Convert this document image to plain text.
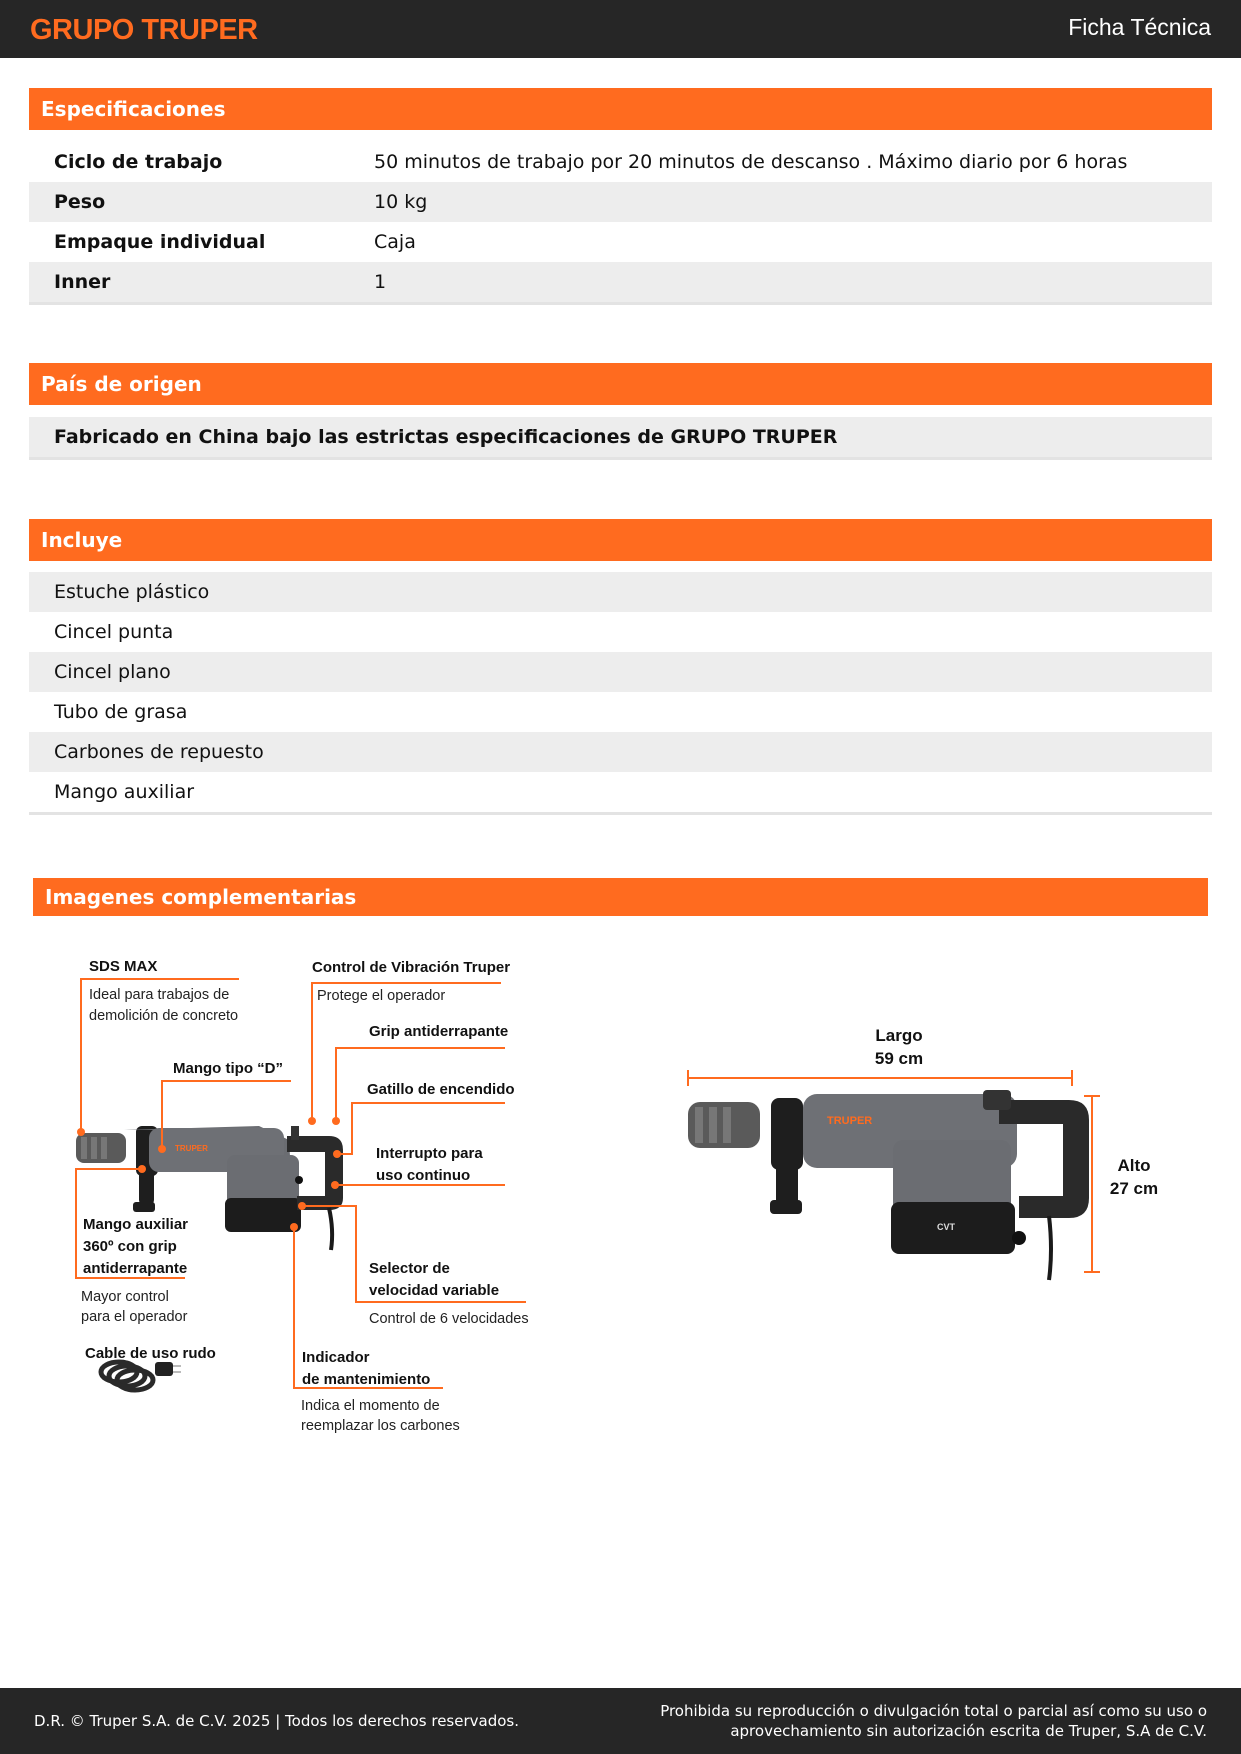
GRUPO TRUPER	Ficha Técnica
Especificaciones
Ciclo de trabajo	50 minutos de trabajo por 20 minutos de descanso . Máximo diario por 6 horas
Peso	10 kg
Empaque individual	Caja
Inner	1
País de origen
Fabricado en China bajo las estrictas especificaciones de GRUPO TRUPER
Incluye
Estuche plástico
Cincel punta
Cincel plano
Tubo de grasa
Carbones de repuesto
Mango auxiliar
Imagenes complementarias
TRUPER
TRUPER
CVT
SDS MAX
Ideal para trabajos de
demolición de concreto
Control de Vibración Truper
Protege el operador
Grip antiderrapante
Mango tipo “D”
Gatillo de encendido
Interrupto para
uso continuo
Mango auxiliar
360º con grip
antiderrapante
Mayor control
para el operador
Selector de
velocidad variable
Control de 6 velocidades
Cable de uso rudo	Indicador
de mantenimiento
Indica el momento de
reemplazar los carbones
Largo
59 cm
Alto
27 cm
D.R. © Truper S.A. de C.V. 2025 | Todos los derechos reservados.
Prohibida su reproducción o divulgación total o parcial así como su uso o
aprovechamiento sin autorización escrita de Truper, S.A de C.V.
